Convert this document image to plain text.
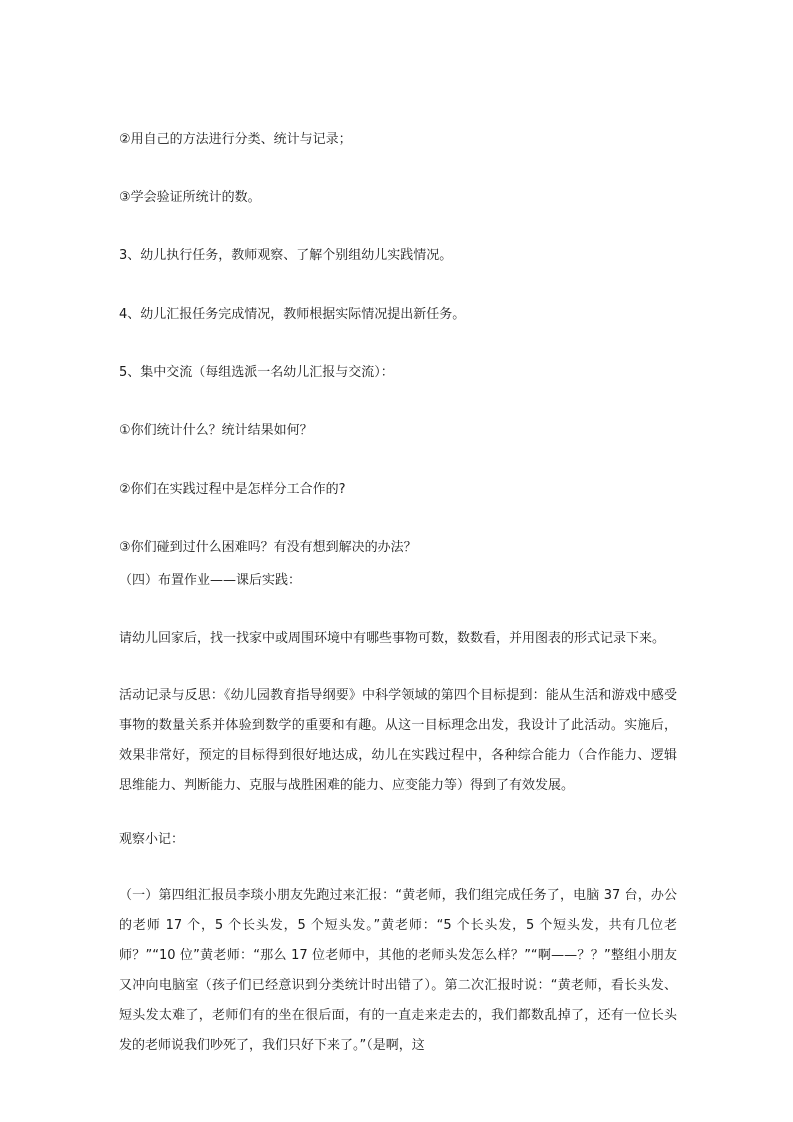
②用自己的方法进行分类、统计与记录；

③学会验证所统计的数。

3、幼儿执行任务，教师观察、了解个别组幼儿实践情况。

4、幼儿汇报任务完成情况，教师根据实际情况提出新任务。

5、集中交流（每组选派一名幼儿汇报与交流）：

①你们统计什么？统计结果如何？

②你们在实践过程中是怎样分工合作的?

③你们碰到过什么困难吗？有没有想到解决的办法？

（四）布置作业——课后实践：

请幼儿回家后，找一找家中或周围环境中有哪些事物可数，数数看，并用图表的形式记录下来。

活动记录与反思：《幼儿园教育指导纲要》中科学领域的第四个目标提到：能从生活和游戏中感受事物的数量关系并体验到数学的重要和有趣。从这一目标理念出发，我设计了此活动。实施后，效果非常好，预定的目标得到很好地达成，幼儿在实践过程中，各种综合能力（合作能力、逻辑思维能力、判断能力、克服与战胜困难的能力、应变能力等）得到了有效发展。

观察小记：

（一）第四组汇报员李琰小朋友先跑过来汇报：“黄老师，我们组完成任务了，电脑 37 台，办公的老师 17 个，5 个长头发，5 个短头发。”黄老师：“5 个长头发，5 个短头发，共有几位老师？”“10 位”黄老师：“那么 17 位老师中，其他的老师头发怎么样？”“啊——？？”整组小朋友又冲向电脑室（孩子们已经意识到分类统计时出错了）。第二次汇报时说：“黄老师，看长头发、短头发太难了，老师们有的坐在很后面，有的一直走来走去的，我们都数乱掉了，还有一位长头发的老师说我们吵死了，我们只好下来了。”（是啊，这
